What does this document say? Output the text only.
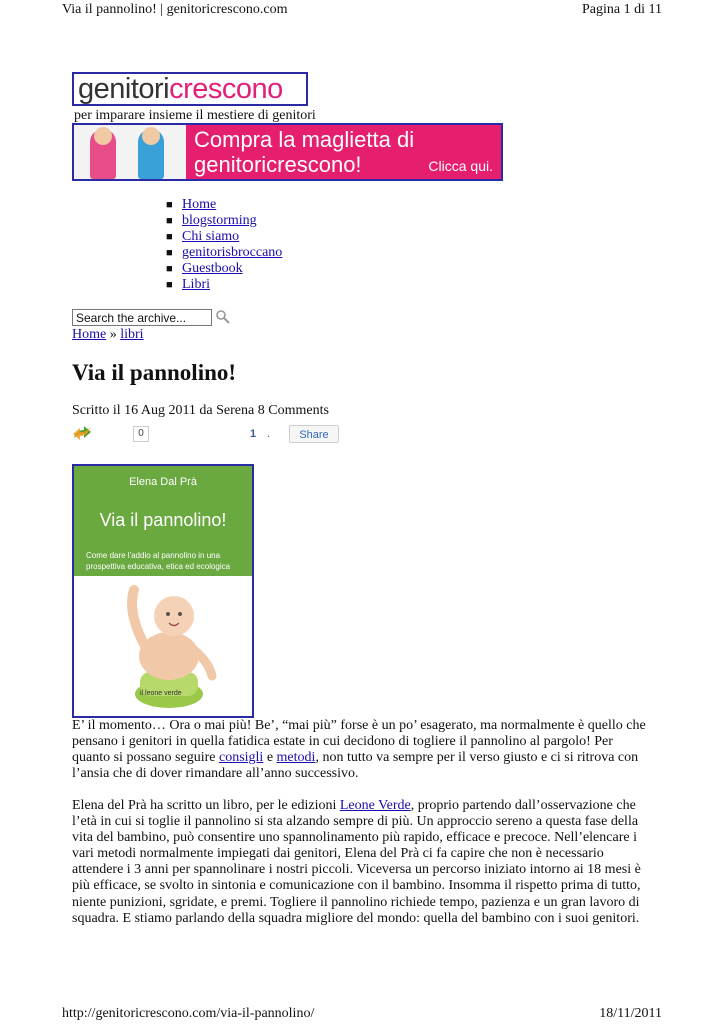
Via il pannolino! | genitoricrescono.com	Pagina 1 di 11
genitori crescono
per imparare insieme il mestiere di genitori
Compra la maglietta di
genitoricrescono!	Clicca qui.
■ Home
■ blogstorming
■ Chi siamo
■ genitorisbroccano
■ Guestbook
■ Libri
Search the archive...
Home » libri
Via il pannolino!
Scritto il 16 Aug 2011 da Serena 8 Comments
0	1 .	Share
Elena Dal Prà
Via il pannolino!
Come dare l'addio al pannolino in una prospettiva educativa, etica ed ecologica
il leone verde

E’ il momento… Ora o mai più! Be’, “mai più” forse è un po’ esagerato, ma normalmente è quello che pensano i genitori in quella fatidica estate in cui decidono di togliere il pannolino al pargolo! Per quanto si possano seguire consigli e metodi, non tutto va sempre per il verso giusto e ci si ritrova con l’ansia che di dover rimandare all’anno successivo.

Elena del Prà ha scritto un libro, per le edizioni Leone Verde, proprio partendo dall’osservazione che l’età in cui si toglie il pannolino si sta alzando sempre di più. Un approccio sereno a questa fase della vita del bambino, può consentire uno spannolinamento più rapido, efficace e precoce. Nell’elencare i vari metodi normalmente impiegati dai genitori, Elena del Prà ci fa capire che non è necessario attendere i 3 anni per spannolinare i nostri piccoli. Viceversa un percorso iniziato intorno ai 18 mesi è più efficace, se svolto in sintonia e comunicazione con il bambino. Insomma il rispetto prima di tutto, niente punizioni, sgridate, e premi. Togliere il pannolino richiede tempo, pazienza e un gran lavoro di squadra. E stiamo parlando della squadra migliore del mondo: quella del bambino con i suoi genitori.

http://genitoricrescono.com/via-il-pannolino/	18/11/2011
